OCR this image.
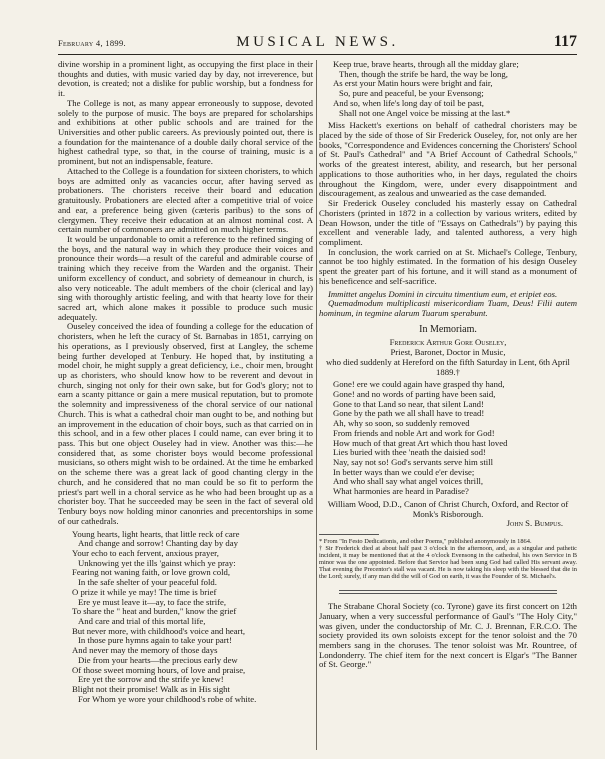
February 4, 1899.	MUSICAL NEWS.	117

divine worship in a prominent light, as occupying the first place in their thoughts and duties, with music varied day by day, not irreverence, but devotion, is created; not a dislike for public worship, but a fondness for it.

The College is not, as many appear erroneously to suppose, devoted solely to the purpose of music. The boys are prepared for scholarships and exhibitions at other public schools and are trained for the Universities and other public careers. As previously pointed out, there is a foundation for the maintenance of a double daily choral service of the highest cathedral type, so that, in the course of training, music is a prominent, but not an indispensable, feature.

Attached to the College is a foundation for sixteen choristers, to which boys are admitted only as vacancies occur, after having served as probationers. The choristers receive their board and education gratuitously. Probationers are elected after a competitive trial of voice and ear, a preference being given (cæteris paribus) to the sons of clergymen. They receive their education at an almost nominal cost. A certain number of commoners are admitted on much higher terms.

It would be unpardonable to omit a reference to the refined singing of the boys, and the natural way in which they produce their voices and pronounce their words—a result of the careful and admirable course of training which they receive from the Warden and the organist. Their uniform excellency of conduct, and sobriety of demeanour in church, is also very noticeable. The adult members of the choir (clerical and lay) sing with thoroughly artistic feeling, and with that hearty love for their sacred art, which alone makes it possible to produce such music adequately.

Ouseley conceived the idea of founding a college for the education of choristers, when he left the curacy of St. Barnabas in 1851, carrying on his operations, as I previously observed, first at Langley, the scheme being further developed at Tenbury. He hoped that, by instituting a model choir, he might supply a great deficiency, i.e., choir men, brought up as choristers, who should know how to be reverent and devout in church, singing not only for their own sake, but for God's glory; not to earn a scanty pittance or gain a mere musical reputation, but to promote the solemnity and impressiveness of the choral service of our national Church. This is what a cathedral choir man ought to be, and nothing but an improvement in the education of choir boys, such as that carried on in this school, and in a few other places I could name, can ever bring it to pass. This but one object Ouseley had in view. Another was this:—he considered that, as some chorister boys would become professional musicians, so others might wish to be ordained. At the time he embarked on the scheme there was a great lack of good chanting clergy in the church, and he considered that no man could be so fit to perform the priest's part well in a choral service as he who had been brought up as a chorister boy. That he succeeded may be seen in the fact of several old Tenbury boys now holding minor canonries and precentorships in some of our cathedrals.

Young hearts, light hearts, that little reck of care
And change and sorrow! Chanting day by day
Your echo to each fervent, anxious prayer,
Unknowing yet the ills 'gainst which ye pray:
Fearing not waning faith, or love grown cold,
In the safe shelter of your peaceful fold.
O prize it while ye may! The time is brief
Ere ye must leave it—ay, to face the strife,
To share the " heat and burden," know the grief
And care and trial of this mortal life,
But never more, with childhood's voice and heart,
In those pure hymns again to take your part!
And never may the memory of those days
Die from your hearts—the precious early dew
Of those sweet morning hours, of love and praise,
Ere yet the sorrow and the strife ye knew!
Blight not their promise! Walk as in His sight
For Whom ye wore your childhood's robe of white.
Keep true, brave hearts, through all the midday glare;
Then, though the strife be hard, the way be long,
As erst your Matin hours were bright and fair,
So, pure and peaceful, be your Evensong;
And so, when life's long day of toil be past,
Shall not one Angel voice be missing at the last.*

Miss Hackett's exertions on behalf of cathedral choristers may be placed by the side of those of Sir Frederick Ouseley, for, not only are her books, "Correspondence and Evidences concerning the Choristers' School of St. Paul's Cathedral" and "A Brief Account of Cathedral Schools," works of the greatest interest, ability, and research, but her personal applications to those authorities who, in her days, regulated the choirs throughout the Kingdom, were, under every disappointment and discouragement, as zealous and unwearied as the case demanded.

Sir Frederick Ouseley concluded his masterly essay on Cathedral Choristers (printed in 1872 in a collection by various writers, edited by Dean Howson, under the title of "Essays on Cathedrals") by paying this excellent and venerable lady, and talented authoress, a very high compliment.

In conclusion, the work carried on at St. Michael's College, Tenbury, cannot be too highly estimated. In the formation of his design Ouseley spent the greater part of his fortune, and it will stand as a monument of his beneficence and self-sacrifice.

Immittet angelus Domini in circuitu timentium eum, et eripiet eos.

Quemadmodum multiplicasti misericordiam Tuam, Deus! Filii autem hominum, in tegmine alarum Tuarum sperabunt.

In Memoriam.
Frederick Arthur Gore Ouseley,
Priest, Baronet, Doctor in Music,
who died suddenly at Hereford on the fifth Saturday in Lent, 6th April 1889.†
Gone! ere we could again have grasped thy hand,
Gone! and no words of parting have been said,
Gone to that Land so near, that silent Land!
Gone by the path we all shall have to tread!
Ah, why so soon, so suddenly removed
From friends and noble Art and work for God!
How much of that great Art which thou hast loved
Lies buried with thee 'neath the daisied sod!
Nay, say not so! God's servants serve him still
In better ways than we could e'er devise;
And who shall say what angel voices thrill,
What harmonies are heard in Paradise?
William Wood, D.D., Canon of Christ Church, Oxford, and Rector of Monk's Risborough.
John S. Bumpus.
* From "In Festo Dedicationis, and other Poems," published anonymously in 1864.
† Sir Frederick died at about half past 3 o'clock in the afternoon, and, as a singular and pathetic incident, it may be mentioned that at the 4 o'clock Evensong in the cathedral, his own Service in B minor was the one appointed. Before that Service had been sung God had called His servant away. That evening the Precentor's stall was vacant. He is now taking his sleep with the blessed that die in the Lord; surely, if any man did the will of God on earth, it was the Founder of St. Michael's.

The Strabane Choral Society (co. Tyrone) gave its first concert on 12th January, when a very successful performance of Gaul's "The Holy City," was given, under the conductorship of Mr. C. J. Brennan, F.R.C.O. The society provided its own soloists except for the tenor soloist and the 70 members sang in the choruses. The tenor soloist was Mr. Rountree, of Londonderry. The chief item for the next concert is Elgar's "The Banner of St. George."
